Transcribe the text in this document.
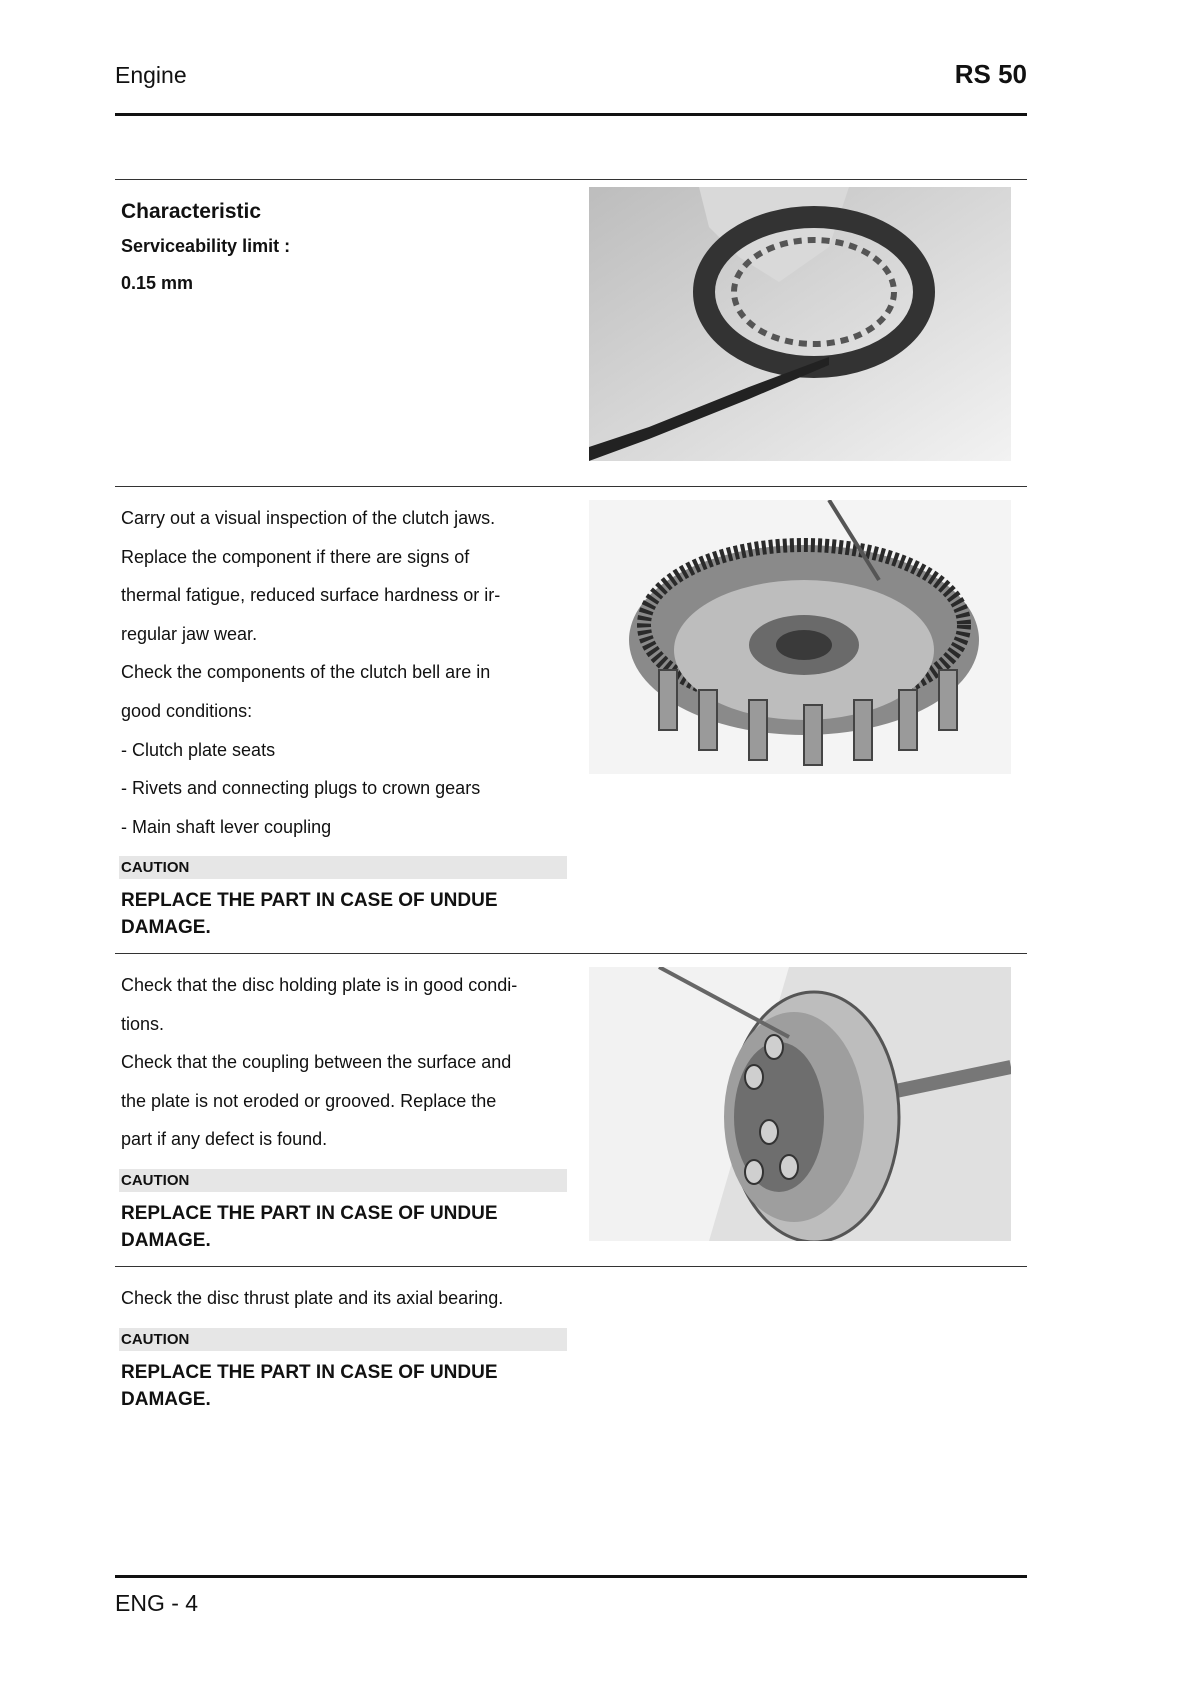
Engine	RS 50
Characteristic
Serviceability limit :
0.15 mm
Carry out a visual inspection of the clutch jaws.
Replace the component if there are signs of
thermal fatigue, reduced surface hardness or ir-
regular jaw wear.
Check the components of the clutch bell are in
good conditions:
- Clutch plate seats
- Rivets and connecting plugs to crown gears
- Main shaft lever coupling
CAUTION
REPLACE THE PART IN CASE OF UNDUE DAMAGE.
Check that the disc holding plate is in good condi-
tions.
Check that the coupling between the surface and
the plate is not eroded or grooved. Replace the
part if any defect is found.
CAUTION
REPLACE THE PART IN CASE OF UNDUE DAMAGE.
Check the disc thrust plate and its axial bearing.
CAUTION
REPLACE THE PART IN CASE OF UNDUE DAMAGE.
ENG - 4
